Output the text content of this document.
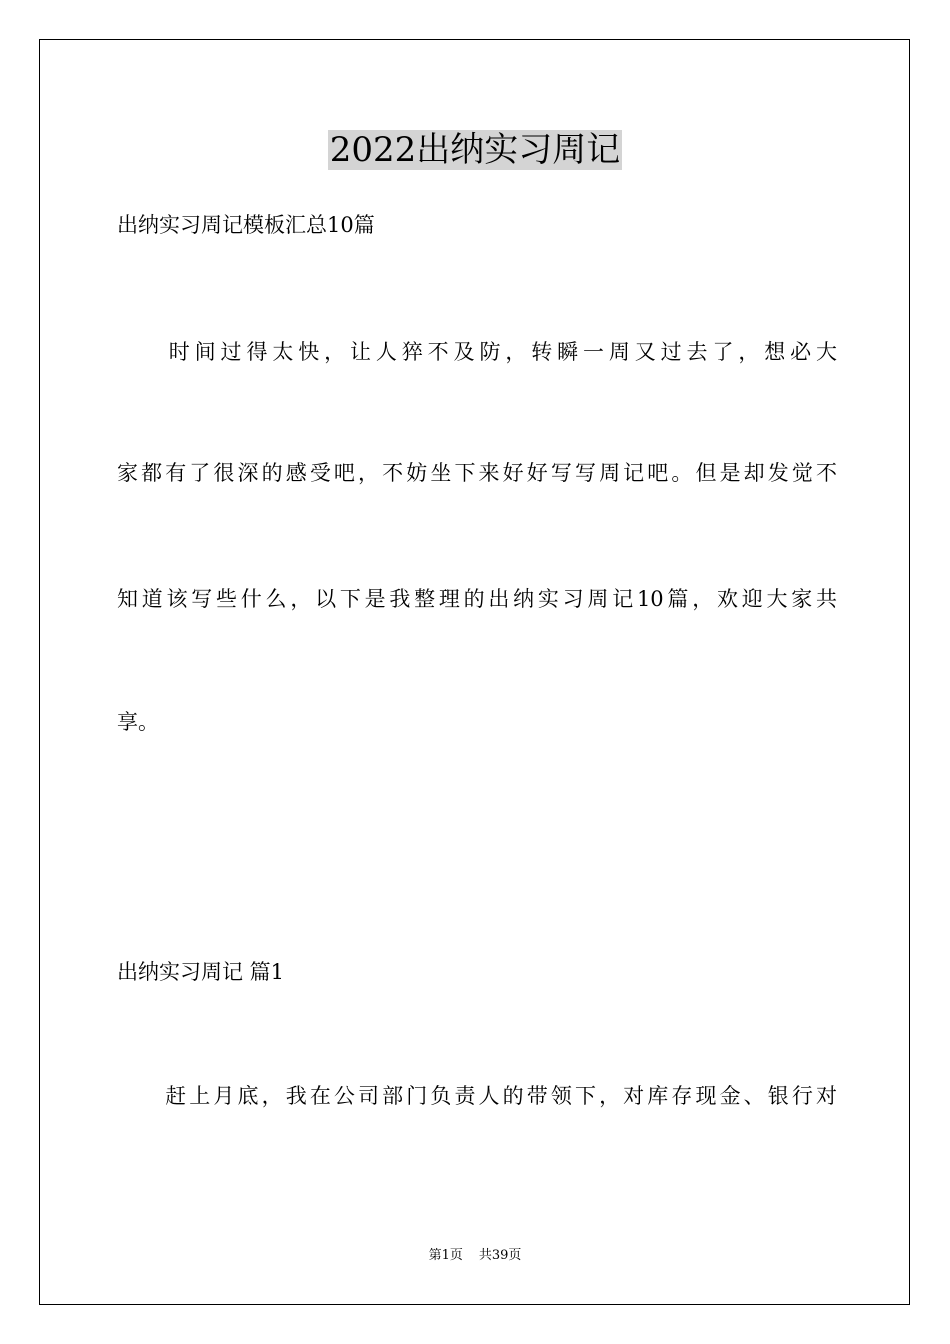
2022出纳实习周记
出纳实习周记模板汇总10篇
　　时间过得太快，让人猝不及防，转瞬一周又过去了，想必大
家都有了很深的感受吧，不妨坐下来好好写写周记吧。但是却发觉不
知道该写些什么，以下是我整理的出纳实习周记10篇，欢迎大家共
享。
出纳实习周记 篇1
　　赶上月底，我在公司部门负责人的带领下，对库存现金、银行对
第1页 共39页
